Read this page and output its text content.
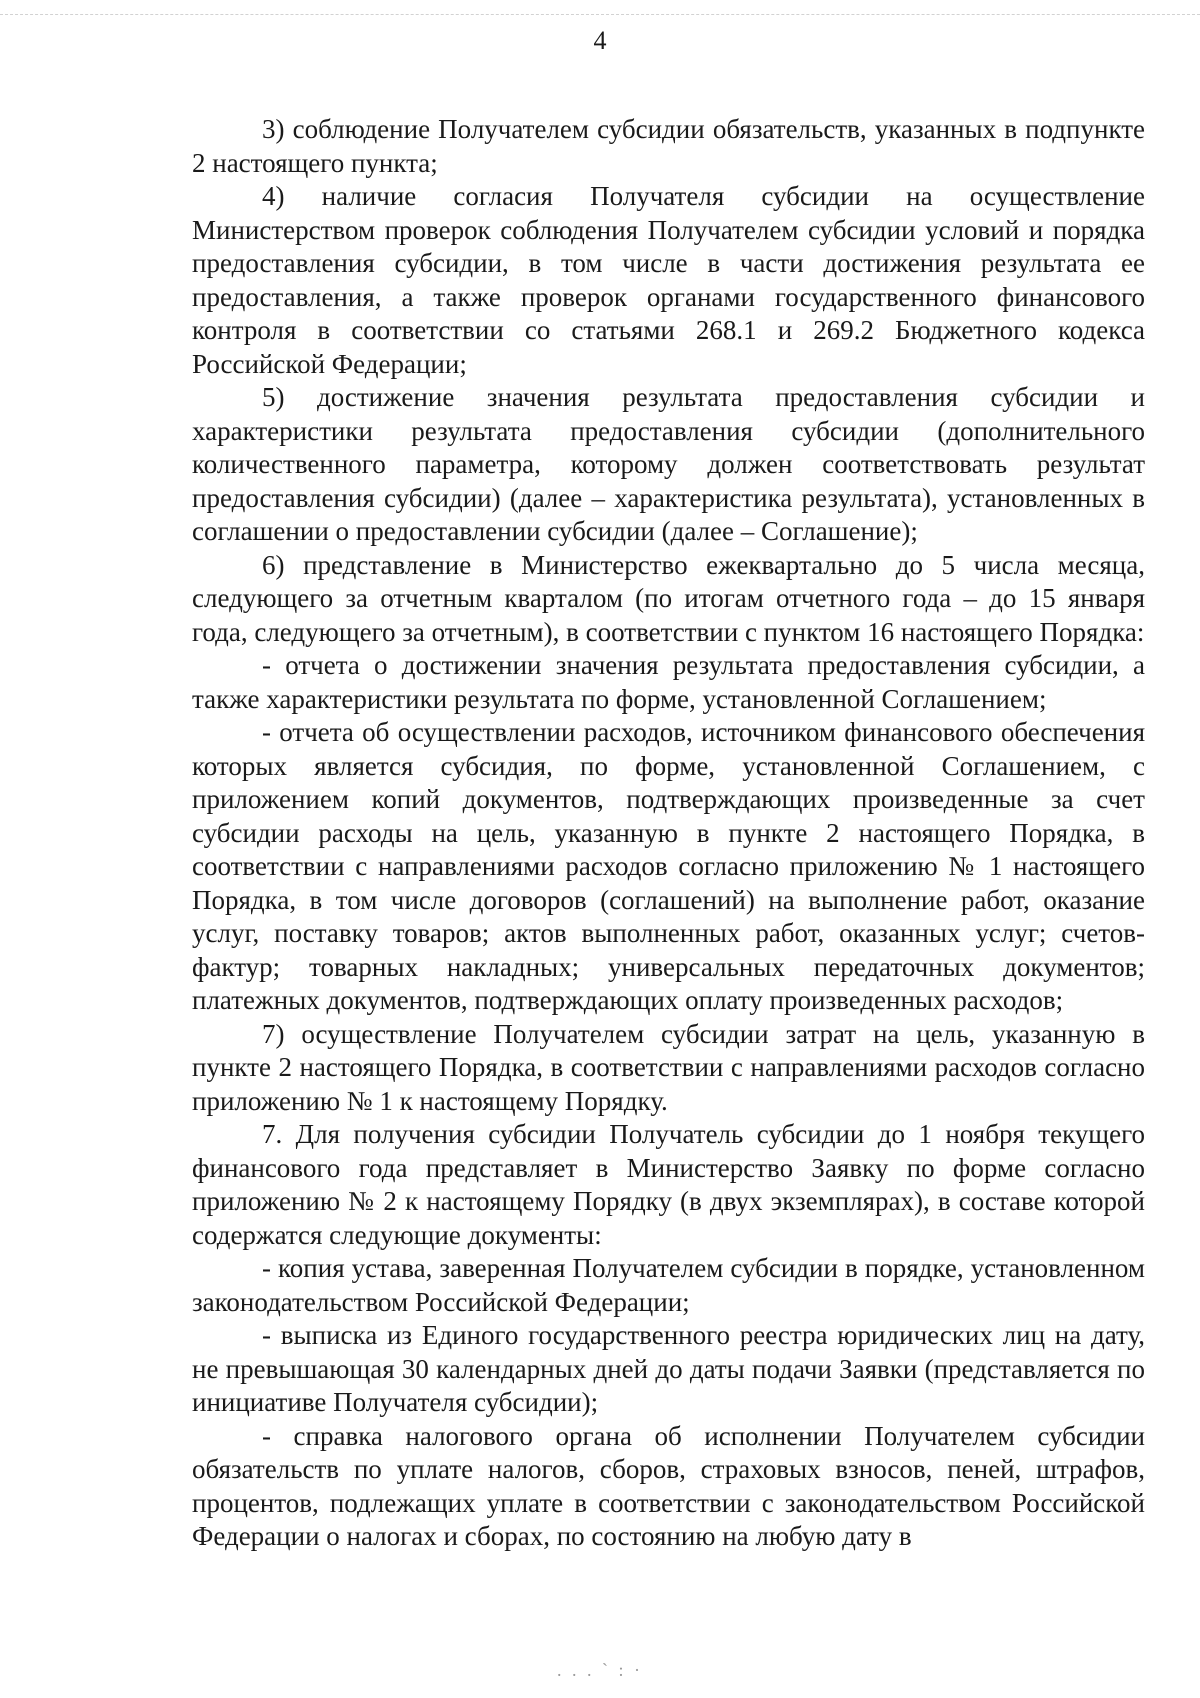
4

3) соблюдение Получателем субсидии обязательств, указанных в подпункте 2 настоящего пункта;

4) наличие согласия Получателя субсидии на осуществление Министерством проверок соблюдения Получателем субсидии условий и порядка предоставления субсидии, в том числе в части достижения результата ее предоставления, а также проверок органами государственного финансового контроля в соответствии со статьями 268.1 и 269.2 Бюджетного кодекса Российской Федерации;

5) достижение значения результата предоставления субсидии и характеристики результата предоставления субсидии (дополнительного количественного параметра, которому должен соответствовать результат предоставления субсидии) (далее – характеристика результата), установленных в соглашении о предоставлении субсидии (далее – Соглашение);

6) представление в Министерство ежеквартально до 5 числа месяца, следующего за отчетным кварталом (по итогам отчетного года – до 15 января года, следующего за отчетным), в соответствии с пунктом 16 настоящего Порядка:

- отчета о достижении значения результата предоставления субсидии, а также характеристики результата по форме, установленной Соглашением;

- отчета об осуществлении расходов, источником финансового обеспечения которых является субсидия, по форме, установленной Соглашением, с приложением копий документов, подтверждающих произведенные за счет субсидии расходы на цель, указанную в пункте 2 настоящего Порядка, в соответствии с направлениями расходов согласно приложению № 1 настоящего Порядка, в том числе договоров (соглашений) на выполнение работ, оказание услуг, поставку товаров; актов выполненных работ, оказанных услуг; счетов-фактур; товарных накладных; универсальных передаточных документов; платежных документов, подтверждающих оплату произведенных расходов;

7) осуществление Получателем субсидии затрат на цель, указанную в пункте 2 настоящего Порядка, в соответствии с направлениями расходов согласно приложению № 1 к настоящему Порядку.

7. Для получения субсидии Получатель субсидии до 1 ноября текущего финансового года представляет в Министерство Заявку по форме согласно приложению № 2 к настоящему Порядку (в двух экземплярах), в составе которой содержатся следующие документы:

- копия устава, заверенная Получателем субсидии в порядке, установленном законодательством Российской Федерации;

- выписка из Единого государственного реестра юридических лиц на дату, не превышающая 30 календарных дней до даты подачи Заявки (представляется по инициативе Получателя субсидии);

- справка налогового органа об исполнении Получателем субсидии обязательств по уплате налогов, сборов, страховых взносов, пеней, штрафов, процентов, подлежащих уплате в соответствии с законодательством Российской Федерации о налогах и сборах, по состоянию на любую дату в

. . . ` : ·
